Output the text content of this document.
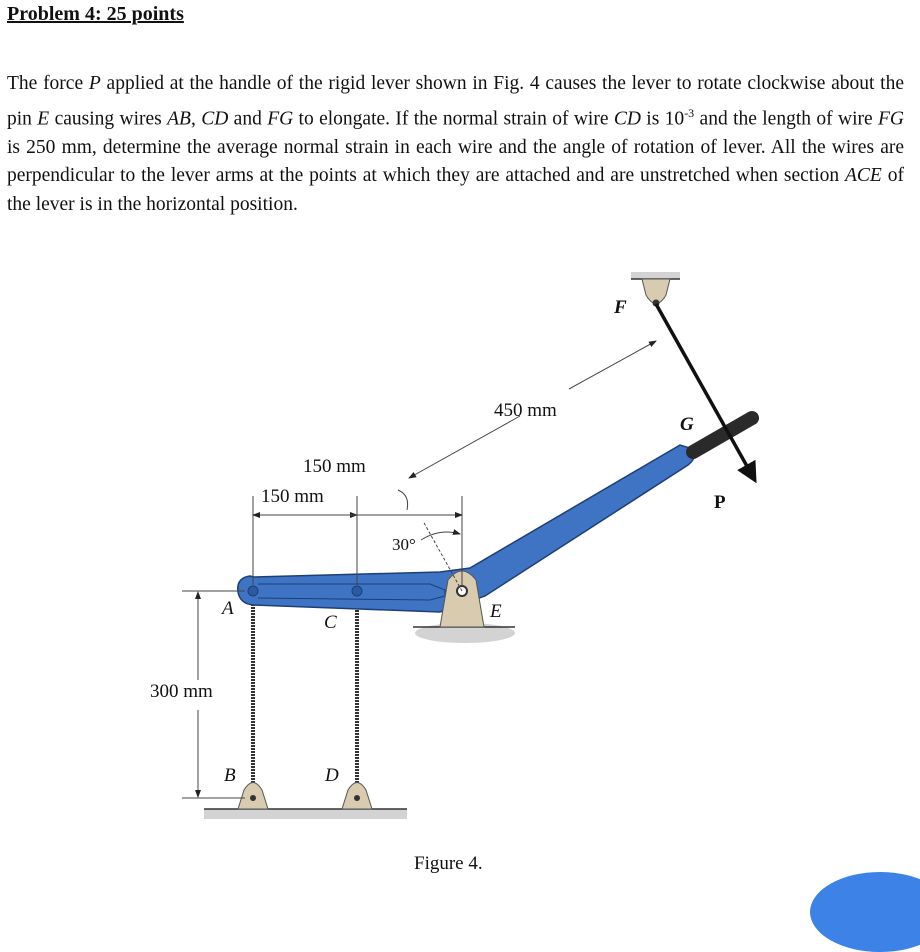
Problem 4: 25 points
The force P applied at the handle of the rigid lever shown in Fig. 4 causes the lever to rotate clockwise about the pin E causing wires AB, CD and FG to elongate. If the normal strain of wire CD is $10^{-3}$ and the length of wire FG is 250 mm, determine the average normal strain in each wire and the angle of rotation of lever. All the wires are perpendicular to the lever arms at the points at which they are attached and are unstretched when section ACE of the lever is in the horizontal position.
A
C
E
B	D
F
G
P
150 mm
150 mm
450 mm
300 mm
30°
Figure 4.
